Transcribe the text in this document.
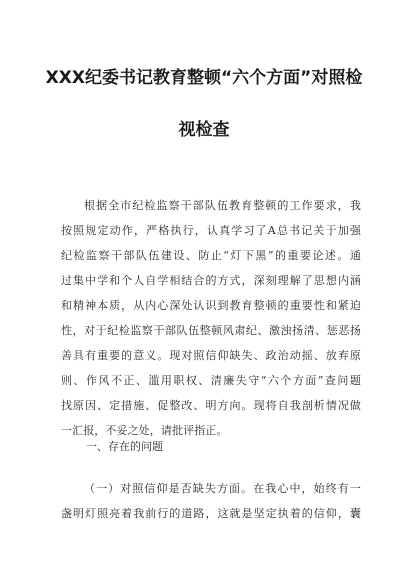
XXX纪委书记教育整顿“六个方面”对照检
视检查
根据全市纪检监察干部队伍教育整顿的工作要求，我
按照规定动作，严格执行，认真学习了A总书记关于加强
纪检监察干部队伍建设、防止“灯下黑”的重要论述。通
过集中学和个人自学相结合的方式，深刻理解了思想内涵
和精神本质，从内心深处认识到教育整顿的重要性和紧迫
性，对于纪检监察干部队伍整顿风肃纪、激浊扬清、惩恶扬
善具有重要的意义。现对照信仰缺失、政治动摇、放弃原
则、作风不正、滥用职权、清廉失守“六个方面”查问题
找原因、定措施、促整改、明方向。现将自我剖析情况做
一汇报，不妥之处，请批评指正。
一、存在的问题
（一）对照信仰是否缺失方面。在我心中，始终有一
盏明灯照亮着我前行的道路，这就是坚定执着的信仰，囊
